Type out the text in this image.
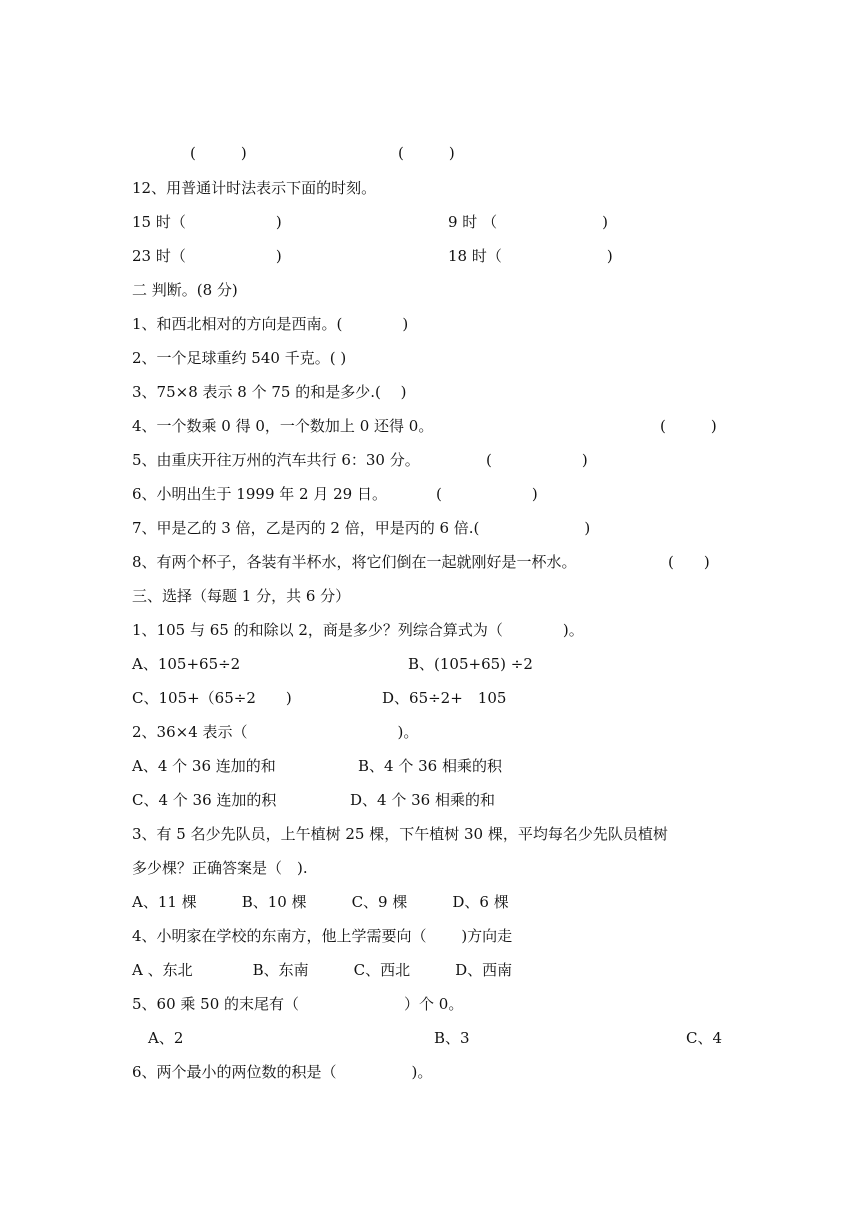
(　　　)	(　　　)
12、用普通计时法表示下面的时刻。
15 时（　　　　　　)	9 时 （　　　　　　　)
23 时（　　　　　　)	18 时（　　　　　　　)
二 判断。(8 分)
1、和西北相对的方向是西南。(　　　　)
2、一个足球重约 540 千克。( )
3、75×8 表示 8 个 75 的和是多少.(　 )
4、一个数乘 0 得 0，一个数加上 0 还得 0。	(　　　)
5、由重庆开往万州的汽车共行 6：30 分。	(　　　　　　)
6、小明出生于 1999 年 2 月 29 日。	(　　　　　　)
7、甲是乙的 3 倍，乙是丙的 2 倍，甲是丙的 6 倍.(　　　　　　　)
8、有两个杯子，各装有半杯水，将它们倒在一起就刚好是一杯水。	(　　)
三、选择（每题 1 分，共 6 分）
1、105 与 65 的和除以 2，商是多少？列综合算式为（　　　　)。
A、105+65÷2	B、(105+65) ÷2
C、105+（65÷2　　)	D、65÷2+　105
2、36×4 表示（　　　　　　　　　　)。
A、4 个 36 连加的和	B、4 个 36 相乘的积
C、4 个 36 连加的积	D、4 个 36 相乘的和
3、有 5 名少先队员，上午植树 25 棵，下午植树 30 棵，平均每名少先队员植树
多少棵？正确答案是（　).
A、11 棵　　　B、10 棵　　　C、9 棵　　　D、6 棵
4、小明家在学校的东南方，他上学需要向（　　 )方向走
A 、东北　　　　B、东南　　　C、西北　　　D、西南
5、60 乘 50 的末尾有（　　　　　　　）个 0。
A、2	B、3	C、4
6、两个最小的两位数的积是（　　　　　)。
